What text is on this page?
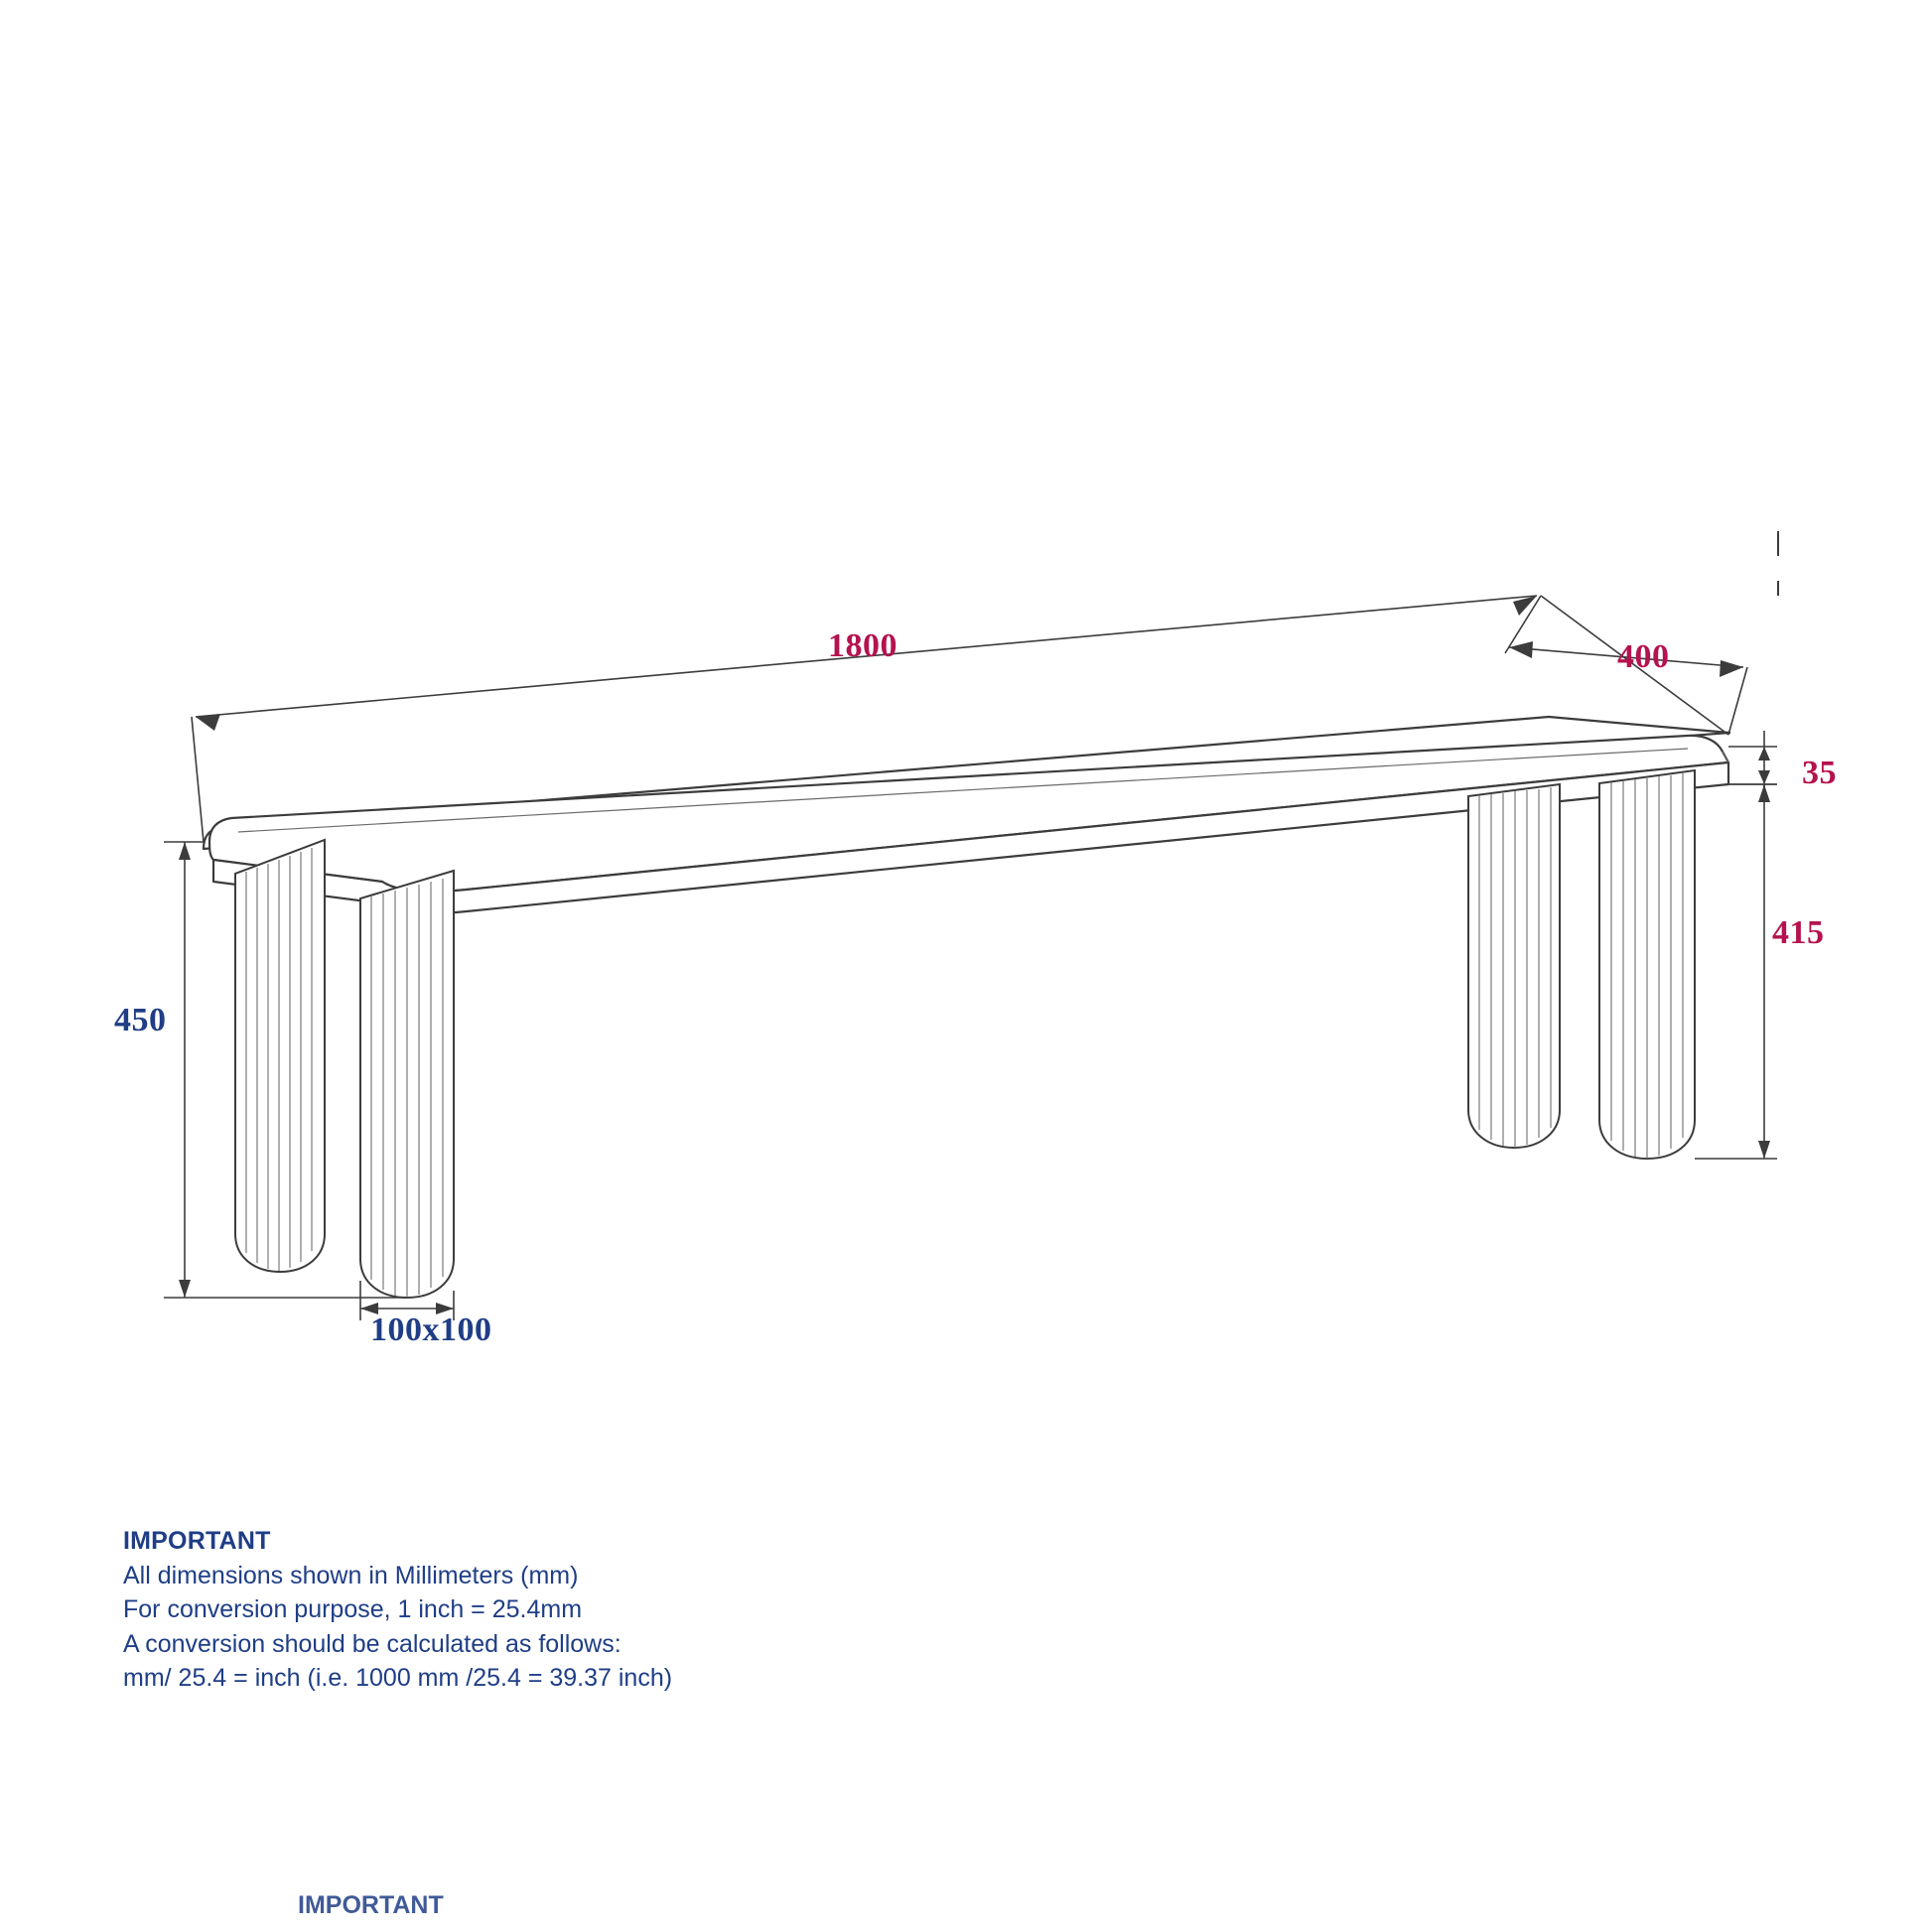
1800	400
35
415
450
100x100
IMPORTANT
All dimensions shown in Millimeters (mm)
For conversion purpose, 1 inch = 25.4mm
A conversion should be calculated as follows:
mm/ 25.4 = inch (i.e. 1000 mm /25.4 = 39.37 inch)
IMPORTANT
